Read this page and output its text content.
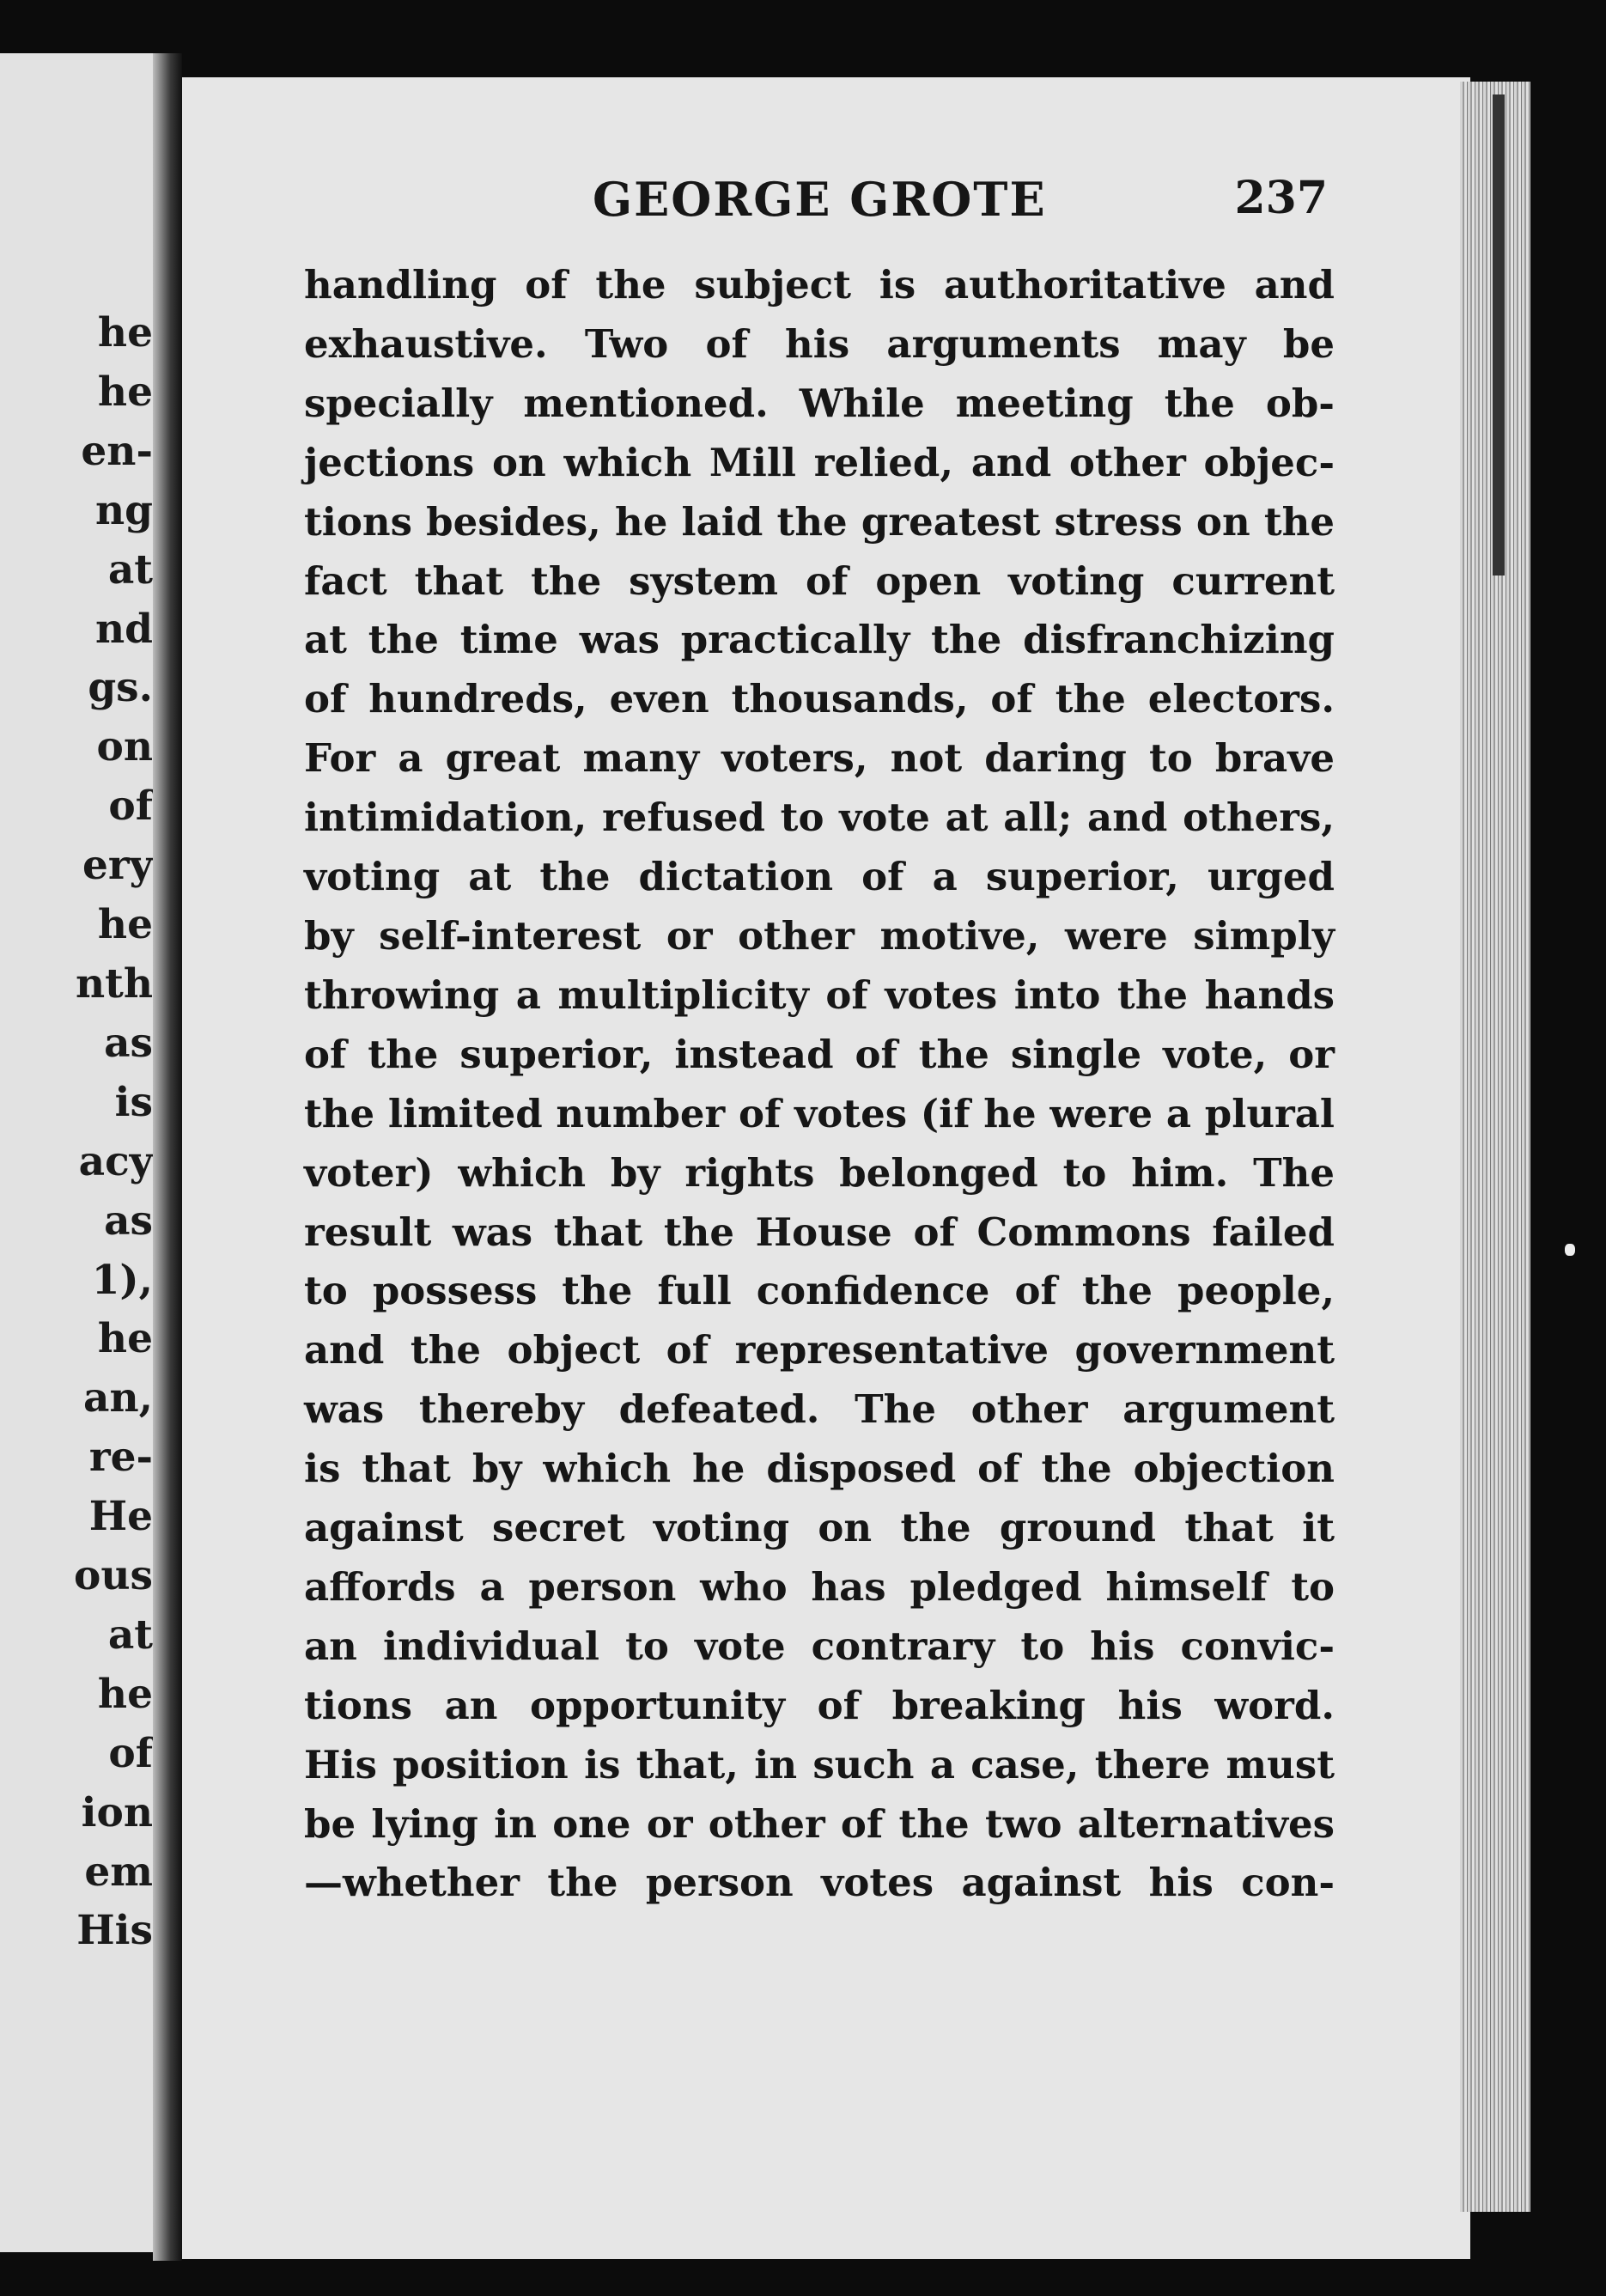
he
he
en-
ng
at
nd
gs.
on
of
ery
he
nth
as
is
acy
as
1),
he
an,
re-
He
ous
at
he
of
ion
em
His
GEORGE GROTE	237
handling of the subject is authoritative and
exhaustive. Two of his arguments may be
specially mentioned. While meeting the ob-
jections on which Mill relied, and other objec-
tions besides, he laid the greatest stress on the
fact that the system of open voting current
at the time was practically the disfranchizing
of hundreds, even thousands, of the electors.
For a great many voters, not daring to brave
intimidation, refused to vote at all; and others,
voting at the dictation of a superior, urged
by self-interest or other motive, were simply
throwing a multiplicity of votes into the hands
of the superior, instead of the single vote, or
the limited number of votes (if he were a plural
voter) which by rights belonged to him. The
result was that the House of Commons failed
to possess the full confidence of the people,
and the object of representative government
was thereby defeated. The other argument
is that by which he disposed of the objection
against secret voting on the ground that it
affords a person who has pledged himself to
an individual to vote contrary to his convic-
tions an opportunity of breaking his word.
His position is that, in such a case, there must
be lying in one or other of the two alternatives
—whether the person votes against his con-
